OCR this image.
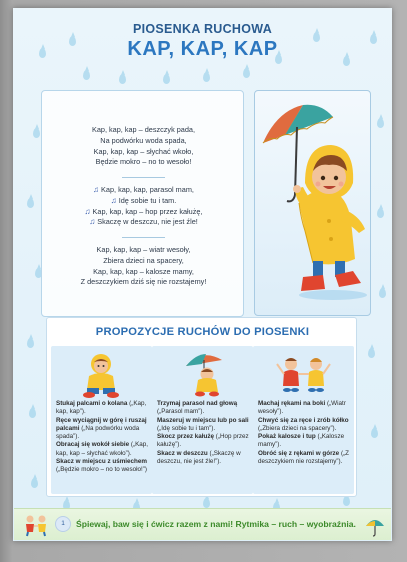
PIOSENKA RUCHOWA
KAP, KAP, KAP
Kap, kap, kap – deszczyk pada,
Na podwórku woda spada,
Kap, kap, kap – słychać wkoło,
Będzie mokro – no to wesoło!
♫ Kap, kap, kap, parasol mam,
♫ Idę sobie tu i tam.
♫ Kap, kap, kap – hop przez kałużę,
♫ Skaczę w deszczu, nie jest źle!
Kap, kap, kap – wiatr wesoły,
Zbiera dzieci na spacery,
Kap, kap, kap – kalosze mamy,
Z deszczykiem dziś się nie rozstajemy!
PROPOZYCJE RUCHÓW DO PIOSENKI
Stukaj palcami o kolana („Kap, kap, kap”).
Ręce wyciągnij w górę i ruszaj palcami („Na podwórku woda spada”).
Obracaj się wokół siebie („Kap, kap, kap – słychać wkoło”).
Skacz w miejscu z uśmiechem („Będzie mokro – no to wesoło!”)
Trzymaj parasol nad głową („Parasol mam”).
Maszeruj w miejscu lub po sali („Idę sobie tu i tam”).
Skocz przez kałużę („Hop przez kałużę”).
Skacz w deszczu („Skaczę w deszczu, nie jest źle!”).
Machaj rękami na boki („Wiatr wesoły”).
Chwyć się za ręce i zrób kółko („Zbiera dzieci na spacery”).
Pokaż kalosze i tup („Kalosze mamy”).
Obróć się z rękami w górze („Z deszczykiem nie rozstajemy”).
1	Śpiewaj, baw się i ćwicz razem z nami! Rytmika – ruch – wyobraźnia.
